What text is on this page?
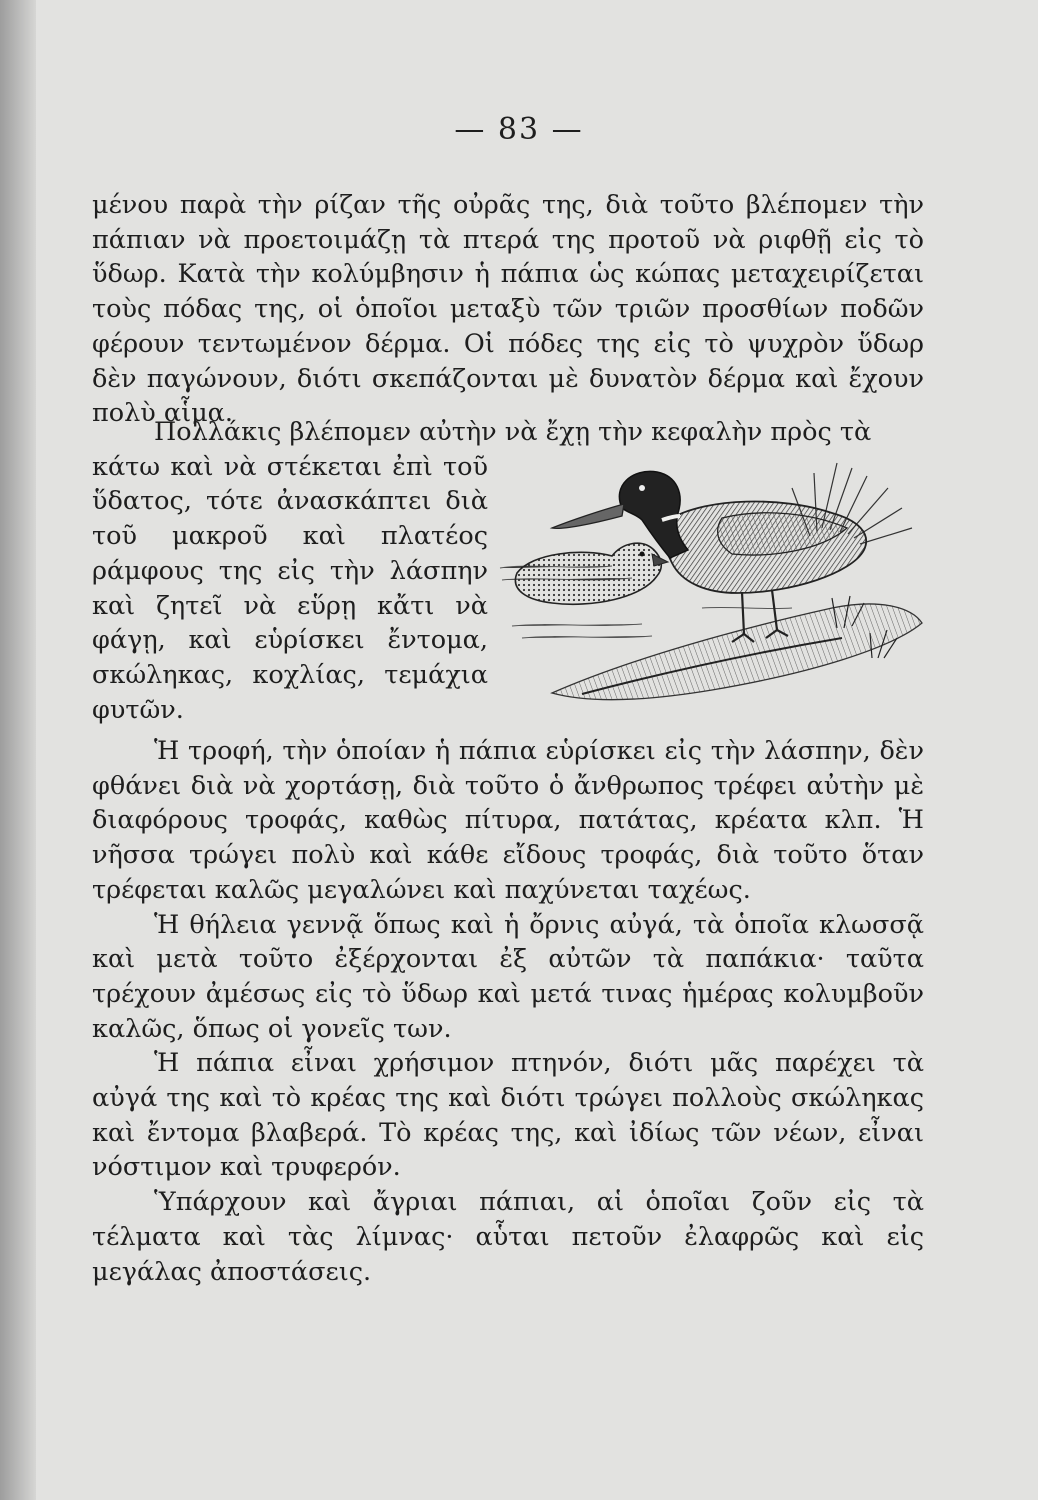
— 83 —

μένου παρὰ τὴν ρίζαν τῆς οὐρᾶς της, διὰ τοῦτο βλέπομεν τὴν πάπιαν νὰ προετοιμάζῃ τὰ πτερά της προτοῦ νὰ ριφθῇ εἰς τὸ ὕδωρ. Κατὰ τὴν κολύμβησιν ἡ πάπια ὡς κώπας μεταχειρίζεται τοὺς πόδας της, οἱ ὁποῖοι μεταξὺ τῶν τριῶν προσθίων ποδῶν φέρουν τεντωμένον δέρμα. Οἱ πόδες της εἰς τὸ ψυχρὸν ὕδωρ δὲν παγώνουν, διότι σκεπάζονται μὲ δυνατὸν δέρμα καὶ ἔχουν πολὺ αἷμα.

Πολλάκις βλέπομεν αὐτὴν νὰ ἔχῃ τὴν κεφαλὴν πρὸς τὰ

κάτω καὶ νὰ στέκεται ἐπὶ τοῦ ὕδατος, τότε ἀνασκάπτει διὰ τοῦ μακροῦ καὶ πλατέος ράμφους της εἰς τὴν λάσπην καὶ ζητεῖ νὰ εὕρῃ κἄτι νὰ φάγῃ, καὶ εὑρίσκει ἔντομα, σκώληκας, κοχλίας, τεμάχια φυτῶν.

Ἡ τροφή, τὴν ὁποίαν ἡ πάπια εὑρίσκει εἰς τὴν λάσπην, δὲν φθάνει διὰ νὰ χορτάσῃ, διὰ τοῦτο ὁ ἄνθρωπος τρέφει αὐτὴν μὲ διαφόρους τροφάς, καθὼς πίτυρα, πατάτας, κρέατα κλπ. Ἡ νῆσσα τρώγει πολὺ καὶ κάθε εἴδους τροφάς, διὰ τοῦτο ὅταν τρέφεται καλῶς μεγαλώνει καὶ παχύνεται ταχέως.

Ἡ θήλεια γεννᾷ ὅπως καὶ ἡ ὄρνις αὐγά, τὰ ὁποῖα κλωσσᾷ καὶ μετὰ τοῦτο ἐξέρχονται ἐξ αὐτῶν τὰ παπάκια· ταῦτα τρέχουν ἀμέσως εἰς τὸ ὕδωρ καὶ μετά τινας ἡμέρας κολυμβοῦν καλῶς, ὅπως οἱ γονεῖς των.

Ἡ πάπια εἶναι χρήσιμον πτηνόν, διότι μᾶς παρέχει τὰ αὐγά της καὶ τὸ κρέας της καὶ διότι τρώγει πολλοὺς σκώληκας καὶ ἔντομα βλαβερά. Τὸ κρέας της, καὶ ἰδίως τῶν νέων, εἶναι νόστιμον καὶ τρυφερόν.

Ὑπάρχουν καὶ ἄγριαι πάπιαι, αἱ ὁποῖαι ζοῦν εἰς τὰ τέλματα καὶ τὰς λίμνας· αὗται πετοῦν ἐλαφρῶς καὶ εἰς μεγάλας ἀποστάσεις.
